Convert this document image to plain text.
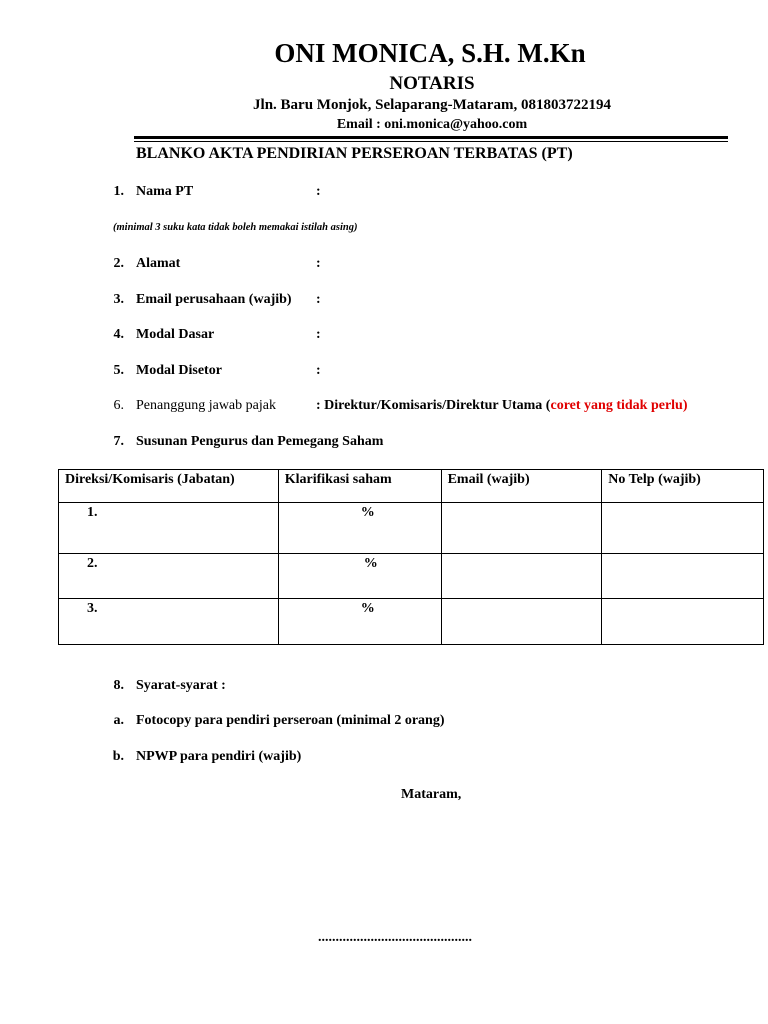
ONI MONICA, S.H. M.Kn
NOTARIS
Jln. Baru Monjok, Selaparang-Mataram, 081803722194
Email : oni.monica@yahoo.com
BLANKO AKTA PENDIRIAN PERSEROAN TERBATAS (PT)
1. Nama PT	:
(minimal 3 suku kata tidak boleh memakai istilah asing)
2. Alamat	:
3. Email perusahaan (wajib) :
4. Modal Dasar	:
5. Modal Disetor	:
6. Penanggung jawab pajak	: Direktur/Komisaris/Direktur Utama (coret yang tidak perlu)
7. Susunan Pengurus dan Pemegang Saham
Direksi/Komisaris (Jabatan)	Klarifikasi saham	Email (wajib)	No Telp (wajib)

1.	%		

2.	%		

3.	%		

8. Syarat-syarat :
a. Fotocopy para pendiri perseroan (minimal 2 orang)
b. NPWP para pendiri (wajib)
Mataram,
............................................
